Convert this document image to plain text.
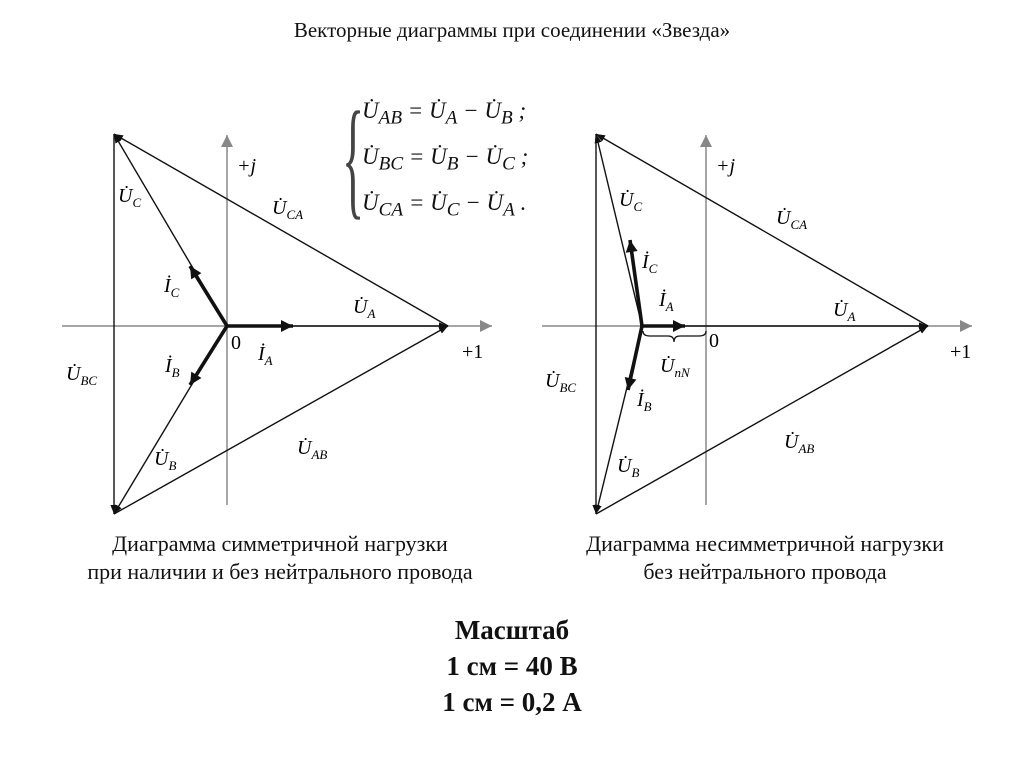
Векторные диаграммы при соединении «Звезда»
+j
+1
0
$U̇_C$	$U̇_{CA}$
$İ_C$
$U̇_A$
$İ_B$
$İ_A$
$U̇_{BC}$
$U̇_B$
$U̇_{AB}$
+j
+1
0
$U̇_C$
$U̇_{CA}$
$İ_C$
$İ_A$	$U̇_A$
$U̇_{nN}$
$U̇_{BC}$
$İ_B$
$U̇_B$
$U̇_{AB}$
{
$U̇_{AB}$ = $U̇_A$ − $U̇_B$ ;
$U̇_{BC}$ = $U̇_B$ − $U̇_C$ ;
$U̇_{CA}$ = $U̇_C$ − $U̇_A$ .
Диаграмма симметричной нагрузки
при наличии и без нейтрального провода
Диаграмма несимметричной нагрузки
без нейтрального провода
Масштаб
1 см = 40 В
1 см = 0,2 А
